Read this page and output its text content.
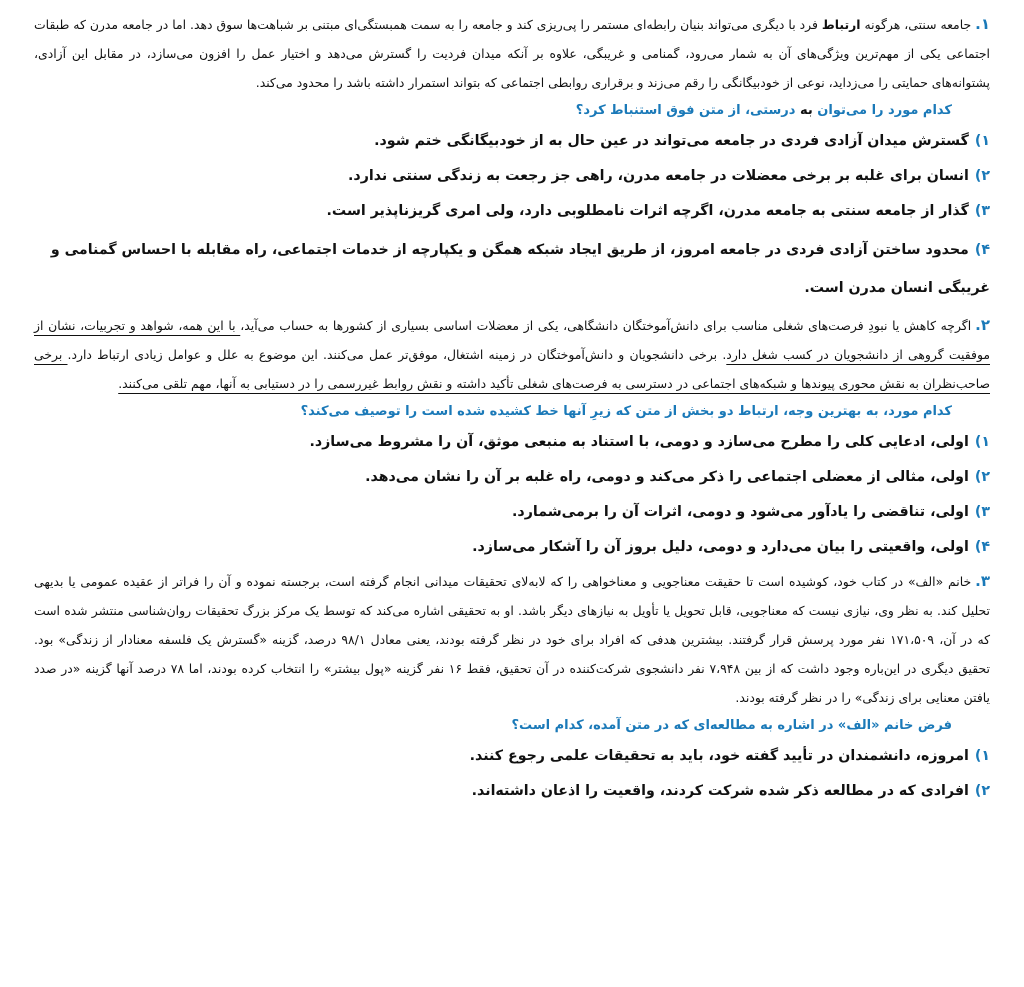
۱.جامعه سنتی، هرگونه ارتباط فرد با دیگری می‌تواند بنیان رابطه‌ای مستمر را پی‌ریزی کند و جامعه را به سمت همبستگی‌ای مبتنی بر شباهت‌ها سوق دهد. اما در جامعه مدرن که طبقات اجتماعی یکی از مهم‌ترین ویژگی‌های آن به شمار می‌رود، گمنامی و غریبگی، علاوه بر آنکه میدان فردیت را گسترش می‌دهد و اختیار عمل را افزون می‌سازد، در مقابل این آزادی، پشتوانه‌های حمایتی را می‌زداید، نوعی از خودبیگانگی را رقم می‌زند و برقراری روابطی اجتماعی که بتواند استمرار داشته باشد را محدود می‌کند.

کدام مورد را می‌توان به درستی، از متن فوق استنباط کرد؟

۱)گسترش میدان آزادی فردی در جامعه می‌تواند در عین حال به از خودبیگانگی ختم شود.

۲)انسان برای غلبه بر برخی معضلات در جامعه مدرن، راهی جز رجعت به زندگی سنتی ندارد.

۳)گذار از جامعه سنتی به جامعه مدرن، اگرچه اثرات نامطلوبی دارد، ولی امری گریزناپذیر است.

۴)محدود ساختن آزادی فردی در جامعه امروز، از طریق ایجاد شبکه همگن و یکپارچه از خدمات اجتماعی، راه مقابله با احساس گمنامی و غریبگی انسان مدرن است.

۲.اگرچه کاهش یا نبودِ فرصت‌های شغلی مناسب برای دانش‌آموختگان دانشگاهی، یکی از معضلات اساسی بسیاری از کشورها به حساب می‌آید، با این همه، شواهد و تجربیات، نشان از موفقیت گروهی از دانشجویان در کسب شغل دارد. برخی دانشجویان و دانش‌آموختگان در زمینه اشتغال، موفق‌تر عمل می‌کنند. این موضوع به علل و عوامل زیادی ارتباط دارد. برخی صاحب‌نظران به نقش محوری پیوندها و شبکه‌های اجتماعی در دسترسی به فرصت‌های شغلی تأکید داشته و نقش روابط غیررسمی را در دستیابی به آنها، مهم تلقی می‌کنند.

کدام مورد، به بهترین وجه، ارتباط دو بخش از متن که زیرِ آنها خط کشیده شده است را توصیف می‌کند؟

۱)اولی، ادعایی کلی را مطرح می‌سازد و دومی، با استناد به منبعی موثق، آن را مشروط می‌سازد.

۲)اولی، مثالی از معضلی اجتماعی را ذکر می‌کند و دومی، راه غلبه بر آن را نشان می‌دهد.

۳)اولی، تناقضی را یادآور می‌شود و دومی، اثرات آن را برمی‌شمارد.

۴)اولی، واقعیتی را بیان می‌دارد و دومی، دلیل بروز آن را آشکار می‌سازد.

۳.خانم «الف» در کتاب خود، کوشیده است تا حقیقت معناجویی و معناخواهی را که لابه‌لای تحقیقات میدانی انجام گرفته است، برجسته نموده و آن را فراتر از عقیده عمومی یا بدیهی تحلیل کند. به نظر وی، نیازی نیست که معناجویی، قابل تحویل یا تأویل به نیازهای دیگر باشد. او به تحقیقی اشاره می‌کند که توسط یک مرکز بزرگ تحقیقات روان‌شناسی منتشر شده است که در آن، ۱۷۱،۵۰۹ نفر مورد پرسش قرار گرفتند. بیشترین هدفی که افراد برای خود در نظر گرفته بودند، یعنی معادل ۹۸/۱ درصد، گزینه «گسترش یک فلسفه معنادار از زندگی» بود. تحقیق دیگری در این‌باره وجود داشت که از بین ۷،۹۴۸ نفر دانشجوی شرکت‌کننده در آن تحقیق، فقط ۱۶ نفر گزینه «پول بیشتر» را انتخاب کرده بودند، اما ۷۸ درصد آنها گزینه «در صدد یافتن معنایی برای زندگی» را در نظر گرفته بودند.

فرض خانم «الف» در اشاره به مطالعه‌ای که در متن آمده، کدام است؟

۱)امروزه، دانشمندان در تأیید گفته خود، باید به تحقیقات علمی رجوع کنند.

۲)افرادی که در مطالعه ذکر شده شرکت کردند، واقعیت را اذعان داشته‌اند.
